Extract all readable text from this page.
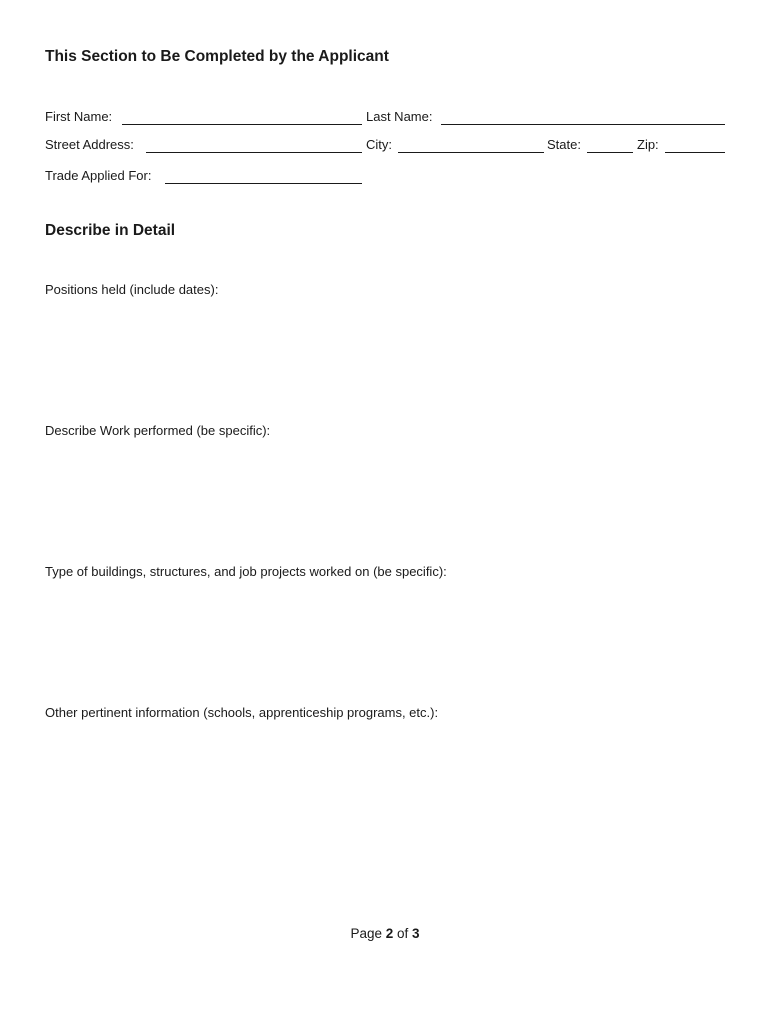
This Section to Be Completed by the Applicant
First Name:	Last Name:
Street Address:	City:	State:	Zip:
Trade Applied For:
Describe in Detail
Positions held (include dates):
Describe Work performed (be specific):
Type of buildings, structures, and job projects worked on (be specific):
Other pertinent information (schools, apprenticeship programs, etc.):
Page 2 of 3
